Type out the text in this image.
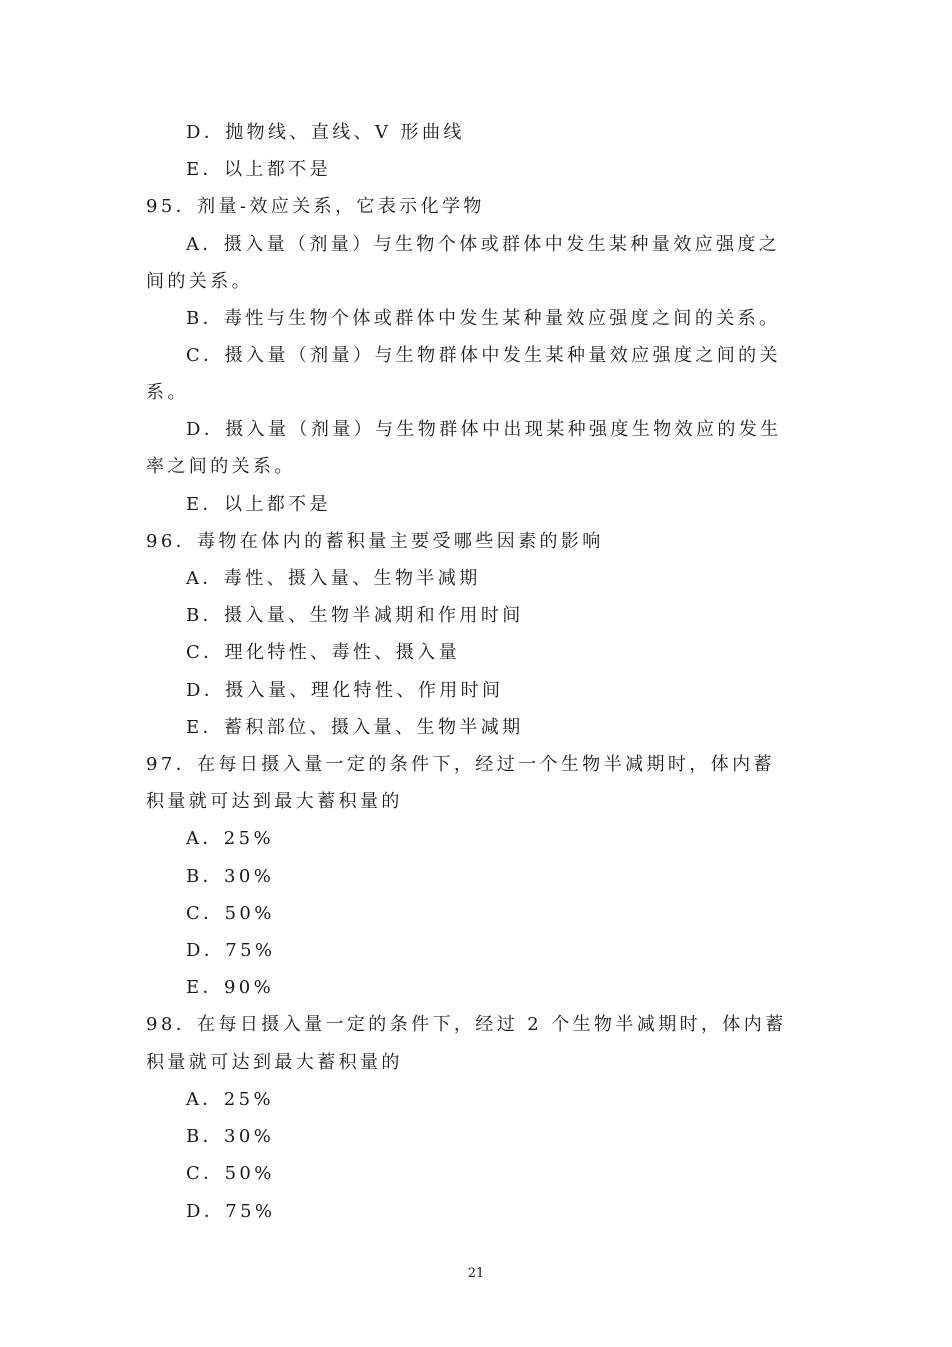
D．抛物线、直线、V 形曲线
E．以上都不是
95．剂量-效应关系，它表示化学物
A．摄入量（剂量）与生物个体或群体中发生某种量效应强度之
间的关系。
B．毒性与生物个体或群体中发生某种量效应强度之间的关系。
C．摄入量（剂量）与生物群体中发生某种量效应强度之间的关
系。
D．摄入量（剂量）与生物群体中出现某种强度生物效应的发生
率之间的关系。
E．以上都不是
96．毒物在体内的蓄积量主要受哪些因素的影响
A．毒性、摄入量、生物半减期
B．摄入量、生物半减期和作用时间
C．理化特性、毒性、摄入量
D．摄入量、理化特性、作用时间
E．蓄积部位、摄入量、生物半减期
97．在每日摄入量一定的条件下，经过一个生物半减期时，体内蓄
积量就可达到最大蓄积量的
A．25%
B．30%
C．50%
D．75%
E．90%
98．在每日摄入量一定的条件下，经过 2 个生物半减期时，体内蓄
积量就可达到最大蓄积量的
A．25%
B．30%
C．50%
D．75%
21
